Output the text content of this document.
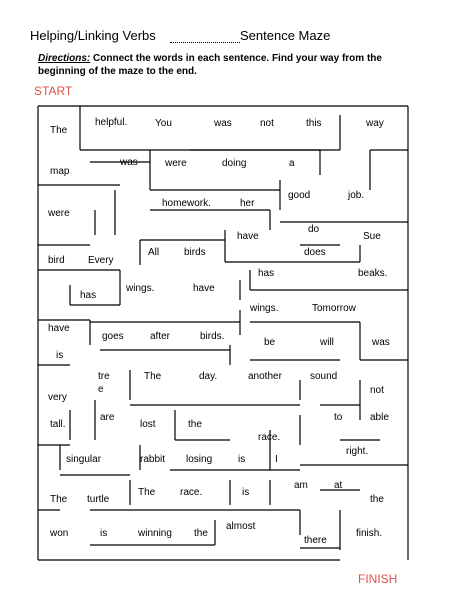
Helping/Linking Verbs	Sentence Maze
Directions: Connect the words in each sentence. Find your way from the beginning of the maze to the end.
START
FINISH
The
helpful.	You	was	not	this	way
map
was	were	doing	a
good	job.
were
homework.	her
do
have	Sue
All birds	does
bird Every
has	beaks.
wings.	have
has
wings.	Tomorrow
have
goes	after	birds.
be	will	was
is
tre
e
The	day.	another	sound
not
very
are	to	able
tall.	lost	the
race.
right.
singular	rabbit losing	is	I
am	at
The race.	is
The turtle	the
almost
won	is	winning the	finish.
there
